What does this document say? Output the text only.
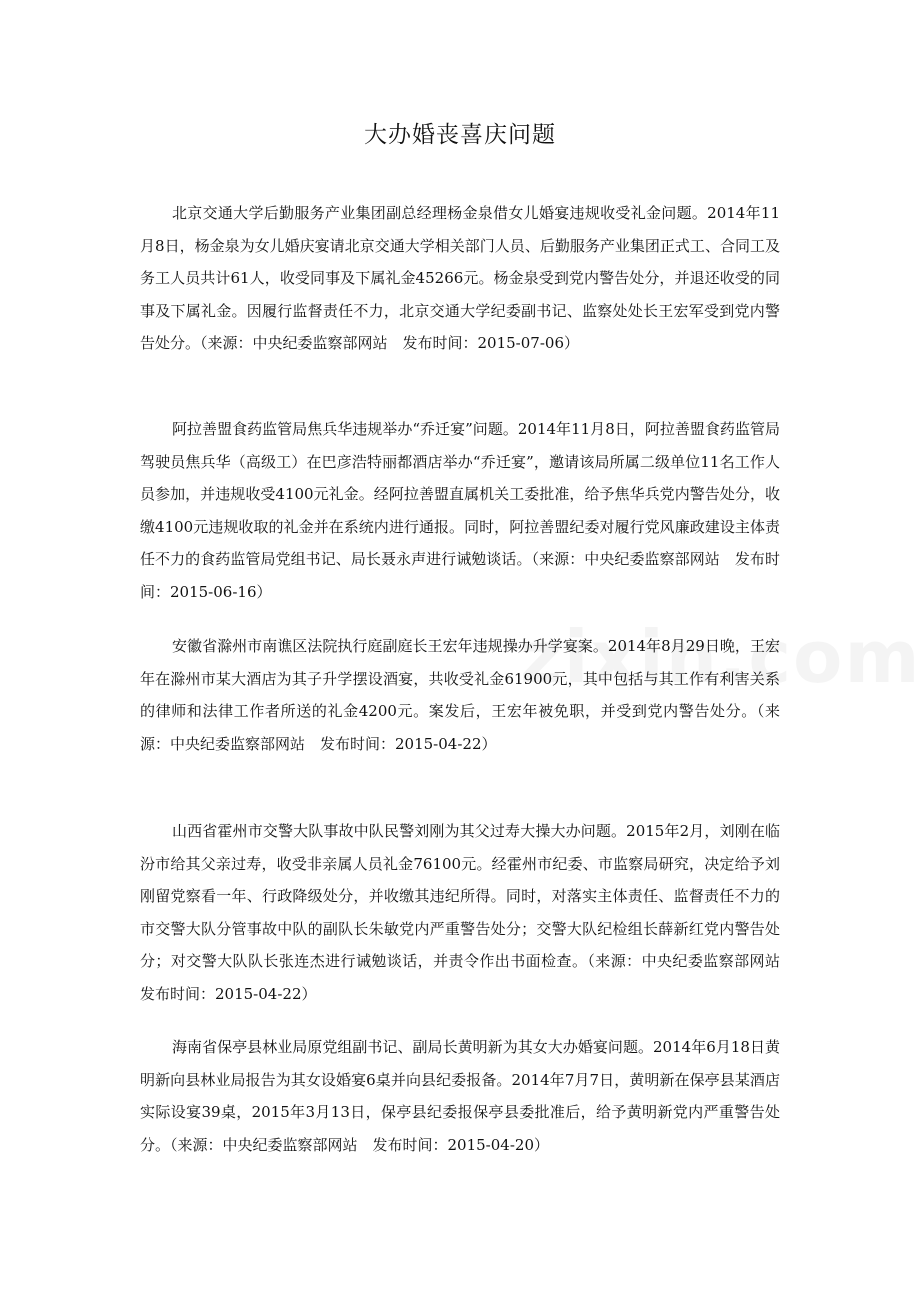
大办婚丧喜庆问题

北京交通大学后勤服务产业集团副总经理杨金泉借女儿婚宴违规收受礼金问题。2014年11月8日，杨金泉为女儿婚庆宴请北京交通大学相关部门人员、后勤服务产业集团正式工、合同工及务工人员共计61人，收受同事及下属礼金45266元。杨金泉受到党内警告处分，并退还收受的同事及下属礼金。因履行监督责任不力，北京交通大学纪委副书记、监察处处长王宏军受到党内警告处分。（来源：中央纪委监察部网站　发布时间：2015-07-06）

阿拉善盟食药监管局焦兵华违规举办“乔迁宴”问题。2014年11月8日，阿拉善盟食药监管局驾驶员焦兵华（高级工）在巴彦浩特丽都酒店举办“乔迁宴”，邀请该局所属二级单位11名工作人员参加，并违规收受4100元礼金。经阿拉善盟直属机关工委批准，给予焦华兵党内警告处分，收缴4100元违规收取的礼金并在系统内进行通报。同时，阿拉善盟纪委对履行党风廉政建设主体责任不力的食药监管局党组书记、局长聂永声进行诫勉谈话。（来源：中央纪委监察部网站　发布时间：2015-06-16）

安徽省滁州市南谯区法院执行庭副庭长王宏年违规操办升学宴案。2014年8月29日晚，王宏年在滁州市某大酒店为其子升学摆设酒宴，共收受礼金61900元，其中包括与其工作有利害关系的律师和法律工作者所送的礼金4200元。案发后，王宏年被免职，并受到党内警告处分。（来源：中央纪委监察部网站　发布时间：2015-04-22）

山西省霍州市交警大队事故中队民警刘刚为其父过寿大操大办问题。2015年2月，刘刚在临汾市给其父亲过寿，收受非亲属人员礼金76100元。经霍州市纪委、市监察局研究，决定给予刘刚留党察看一年、行政降级处分，并收缴其违纪所得。同时，对落实主体责任、监督责任不力的市交警大队分管事故中队的副队长朱敏党内严重警告处分；交警大队纪检组长薛新红党内警告处分；对交警大队队长张连杰进行诫勉谈话，并责令作出书面检查。（来源：中央纪委监察部网站　发布时间：2015-04-22）

海南省保亭县林业局原党组副书记、副局长黄明新为其女大办婚宴问题。2014年6月18日黄明新向县林业局报告为其女设婚宴6桌并向县纪委报备。2014年7月7日，黄明新在保亭县某酒店实际设宴39桌，2015年3月13日，保亭县纪委报保亭县委批准后，给予黄明新党内严重警告处分。（来源：中央纪委监察部网站　发布时间：2015-04-20）
